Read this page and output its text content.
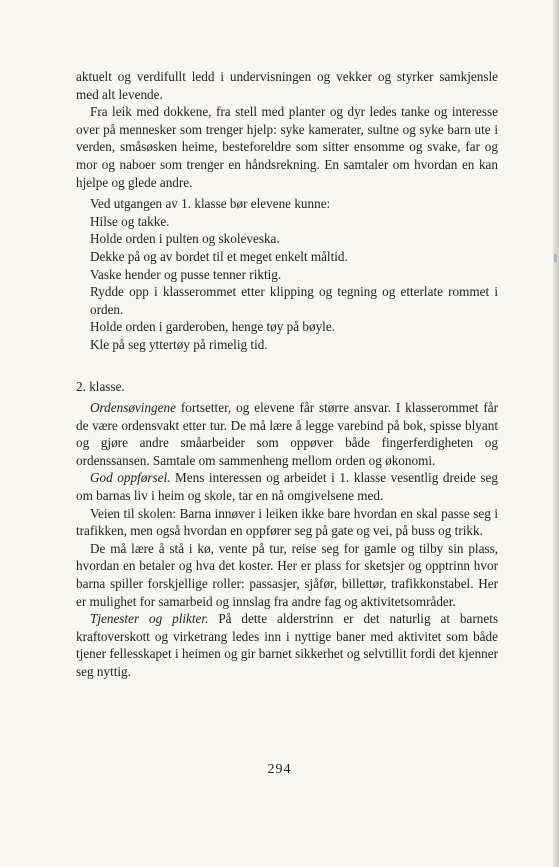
aktuelt og verdifullt ledd i undervisningen og vekker og styrker samkjensle med alt levende.

Fra leik med dokkene, fra stell med planter og dyr ledes tanke og interesse over på mennesker som trenger hjelp: syke kamerater, sultne og syke barn ute i verden, småsøsken heime, besteforeldre som sitter ensomme og svake, far og mor og naboer som trenger en håndsrekning. En samtaler om hvordan en kan hjelpe og glede andre.

Ved utgangen av 1. klasse bør elevene kunne:

Hilse og takke.

Holde orden i pulten og skoleveska.

Dekke på og av bordet til et meget enkelt måltid.

Vaske hender og pusse tenner riktig.

Rydde opp i klasserommet etter klipping og tegning og etterlate rommet i orden.

Holde orden i garderoben, henge tøy på bøyle.

Kle på seg yttertøy på rimelig tid.

2. klasse.

Ordensøvingene fortsetter, og elevene får større ansvar. I klasserommet får de være ordensvakt etter tur. De må lære å legge varebind på bok, spisse blyant og gjøre andre småarbeider som oppøver både fingerferdigheten og ordenssansen. Samtale om sammenheng mellom orden og økonomi.

God oppførsel. Mens interessen og arbeidet i 1. klasse vesentlig dreide seg om barnas liv i heim og skole, tar en nå omgivelsene med.

Veien til skolen: Barna innøver i leiken ikke bare hvordan en skal passe seg i trafikken, men også hvordan en oppfører seg på gate og vei, på buss og trikk.

De må lære å stå i kø, vente på tur, reise seg for gamle og tilby sin plass, hvordan en betaler og hva det koster. Her er plass for sketsjer og opptrinn hvor barna spiller forskjellige roller: passasjer, sjåfør, billettør, trafikkonstabel. Her er mulighet for samarbeid og innslag fra andre fag og aktivitetsområder.

Tjenester og plikter. På dette alderstrinn er det naturlig at barnets kraftoverskott og virketrang ledes inn i nyttige baner med aktivitet som både tjener fellesskapet i heimen og gir barnet sikkerhet og selvtillit fordi det kjenner seg nyttig.

294
